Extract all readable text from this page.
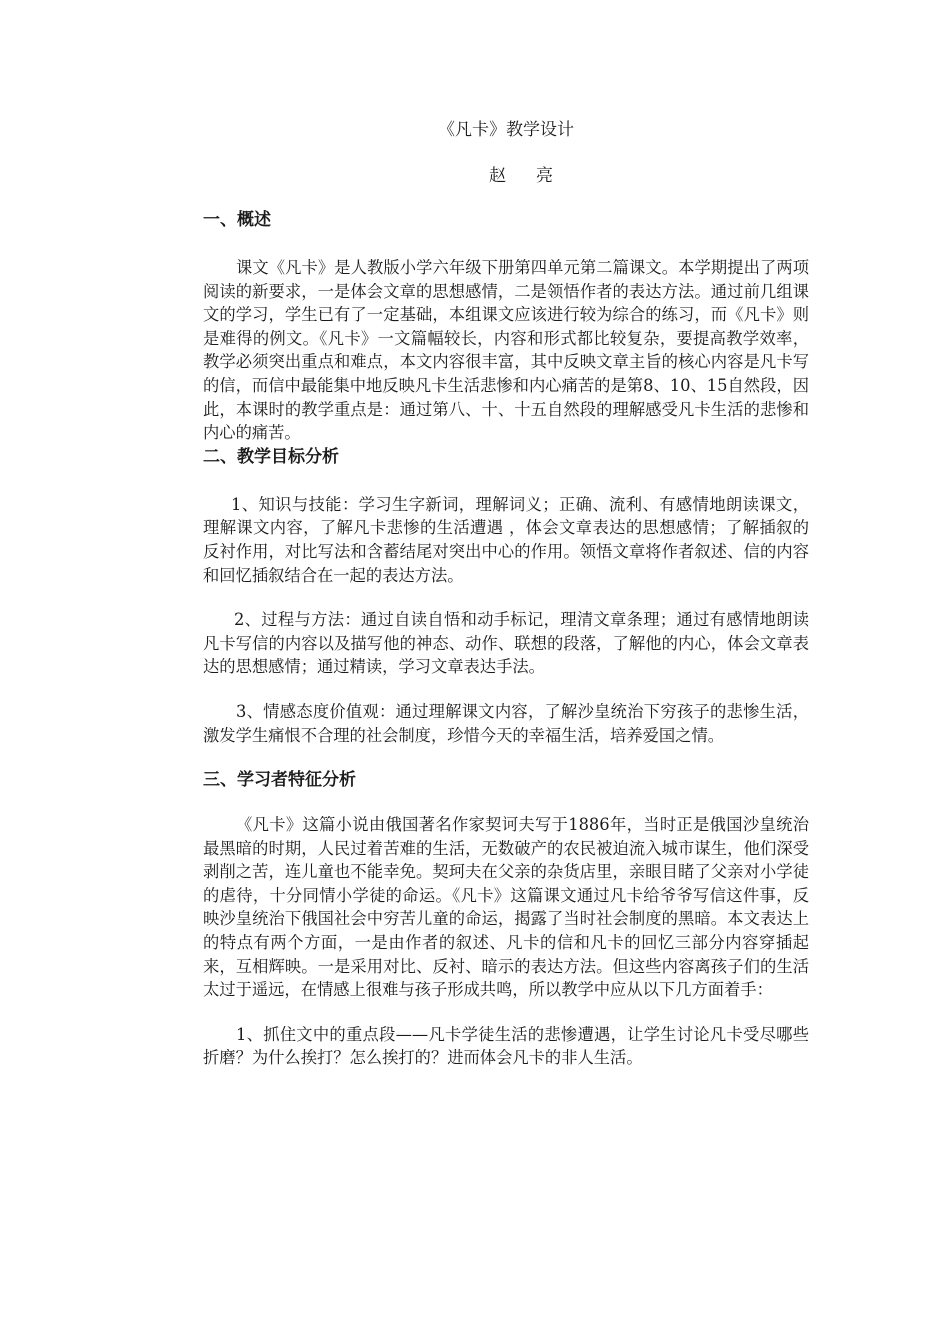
《凡卡》教学设计
赵亮
一、概述

课文《凡卡》是人教版小学六年级下册第四单元第二篇课文。本学期提出了两项阅读的新要求，一是体会文章的思想感情，二是领悟作者的表达方法。通过前几组课文的学习，学生已有了一定基础，本组课文应该进行较为综合的练习，而《凡卡》则是难得的例文。《凡卡》一文篇幅较长，内容和形式都比较复杂，要提高教学效率，教学必须突出重点和难点，本文内容很丰富，其中反映文章主旨的核心内容是凡卡写的信，而信中最能集中地反映凡卡生活悲惨和内心痛苦的是第8、10、15自然段，因此，本课时的教学重点是：通过第八、十、十五自然段的理解感受凡卡生活的悲惨和内心的痛苦。

二、教学目标分析

1、知识与技能：学习生字新词，理解词义；正确、流利、有感情地朗读课文，理解课文内容，了解凡卡悲惨的生活遭遇 ，体会文章表达的思想感情；了解插叙的反衬作用，对比写法和含蓄结尾对突出中心的作用。领悟文章将作者叙述、信的内容和回忆插叙结合在一起的表达方法。

2、过程与方法：通过自读自悟和动手标记，理清文章条理；通过有感情地朗读凡卡写信的内容以及描写他的神态、动作、联想的段落，了解他的内心，体会文章表达的思想感情；通过精读，学习文章表达手法。

3、情感态度价值观：通过理解课文内容，了解沙皇统治下穷孩子的悲惨生活，激发学生痛恨不合理的社会制度，珍惜今天的幸福生活，培养爱国之情。

三、学习者特征分析

《凡卡》这篇小说由俄国著名作家契诃夫写于1886年，当时正是俄国沙皇统治最黑暗的时期，人民过着苦难的生活，无数破产的农民被迫流入城市谋生，他们深受剥削之苦，连儿童也不能幸免。契珂夫在父亲的杂货店里，亲眼目睹了父亲对小学徒的虐待，十分同情小学徒的命运。《凡卡》这篇课文通过凡卡给爷爷写信这件事，反映沙皇统治下俄国社会中穷苦儿童的命运，揭露了当时社会制度的黑暗。本文表达上的特点有两个方面，一是由作者的叙述、凡卡的信和凡卡的回忆三部分内容穿插起来，互相辉映。一是采用对比、反衬、暗示的表达方法。但这些内容离孩子们的生活太过于遥远，在情感上很难与孩子形成共鸣，所以教学中应从以下几方面着手：

1、抓住文中的重点段——凡卡学徒生活的悲惨遭遇，让学生讨论凡卡受尽哪些折磨？为什么挨打？怎么挨打的？进而体会凡卡的非人生活。
